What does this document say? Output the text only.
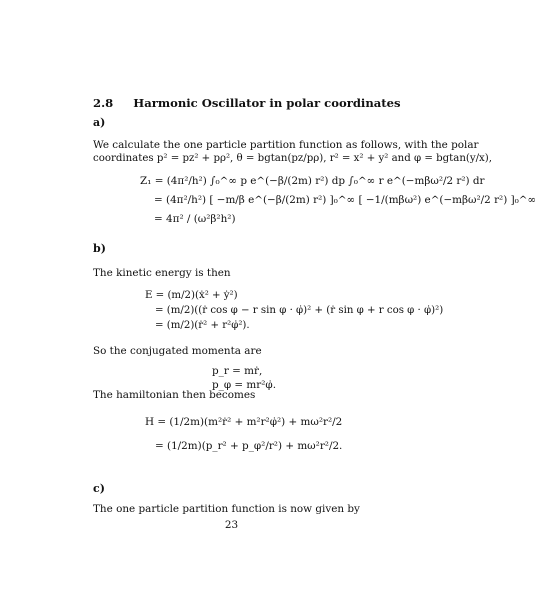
2.8 Harmonic Oscillator in polar coordinates
a)
We calculate the one particle partition function as follows, with the polar
coordinates p² = pz² + pρ², θ = bgtan(pz/pρ), r² = x² + y² and φ = bgtan(y/x),
Z₁ = (4π²/h²) ∫₀^∞ p e^(−β/(2m) r²) dp ∫₀^∞ r e^(−mβω²/2 r²) dr
= (4π²/h²) [ −m/β e^(−β/(2m) r²) ]₀^∞ [ −1/(mβω²) e^(−mβω²/2 r²) ]₀^∞
= 4π² / (ω²β²h²)
b)
The kinetic energy is then
E = (m/2)(ẋ² + ẏ²)
= (m/2)((ṙ cos φ − r sin φ · φ̇)² + (ṙ sin φ + r cos φ · φ̇)²)
= (m/2)(ṙ² + r²φ̇²).
So the conjugated momenta are
p_r = mṙ,
p_φ = mr²φ̇.
The hamiltonian then becomes
H = (1/2m)(m²ṙ² + m²r²φ̇²) + mω²r²/2
= (1/2m)(p_r² + p_φ²/r²) + mω²r²/2.
c)
The one particle partition function is now given by
23
